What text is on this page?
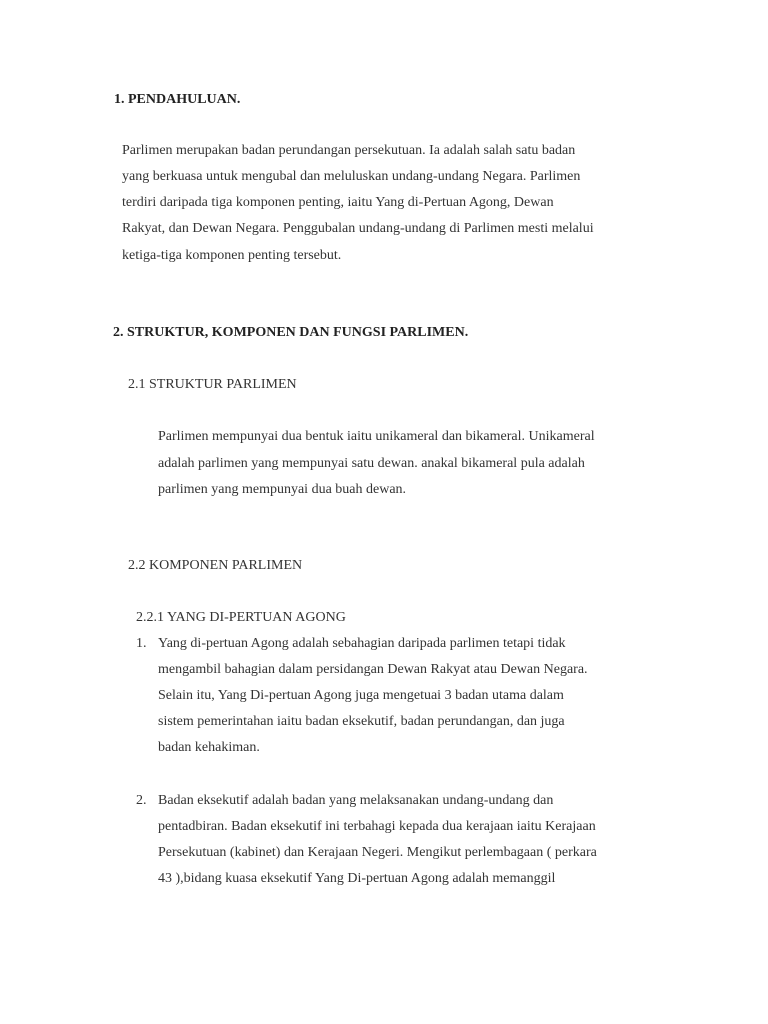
1. PENDAHULUAN.
Parlimen merupakan badan perundangan persekutuan. Ia adalah salah satu badan
yang berkuasa untuk mengubal dan meluluskan undang-undang Negara. Parlimen
terdiri daripada tiga komponen penting, iaitu Yang di-Pertuan Agong, Dewan
Rakyat, dan Dewan Negara. Penggubalan undang-undang di Parlimen mesti melalui
ketiga-tiga komponen penting tersebut.
2. STRUKTUR, KOMPONEN DAN FUNGSI PARLIMEN.
2.1 STRUKTUR PARLIMEN
Parlimen mempunyai dua bentuk iaitu unikameral dan bikameral. Unikameral
adalah parlimen yang mempunyai satu dewan. anakal bikameral pula adalah
parlimen yang mempunyai dua buah dewan.
2.2 KOMPONEN PARLIMEN
2.2.1 YANG DI-PERTUAN AGONG
1. Yang di-pertuan Agong adalah sebahagian daripada parlimen tetapi tidak
mengambil bahagian dalam persidangan Dewan Rakyat atau Dewan Negara.
Selain itu, Yang Di-pertuan Agong juga mengetuai 3 badan utama dalam
sistem pemerintahan iaitu badan eksekutif, badan perundangan, dan juga
badan kehakiman.
2. Badan eksekutif adalah badan yang melaksanakan undang-undang dan
pentadbiran. Badan eksekutif ini terbahagi kepada dua kerajaan iaitu Kerajaan
Persekutuan (kabinet) dan Kerajaan Negeri. Mengikut perlembagaan ( perkara
43 ),bidang kuasa eksekutif Yang Di-pertuan Agong adalah memanggil
